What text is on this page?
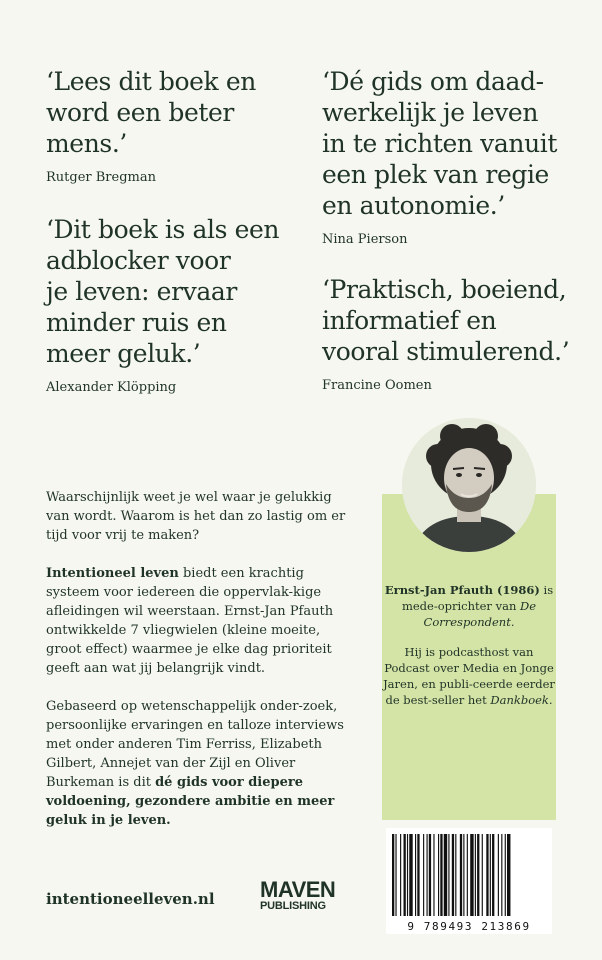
‘Lees dit boek en
word een beter
mens.’

Rutger Bregman

‘Dé gids om daad-
werkelijk je leven
in te richten vanuit
een plek van regie
en autonomie.’

Nina Pierson

‘Dit boek is als een
adblocker voor
je leven: ervaar
minder ruis en
meer geluk.’

Alexander Klöpping

‘Praktisch, boeiend,
informatief en
vooral stimulerend.’

Francine Oomen

Ernst-Jan Pfauth (1986) is mede-oprichter van De Correspondent.

Hij is podcasthost van Podcast over Media en Jonge Jaren, en publi-ceerde eerder de best-seller het Dankboek.

Waarschijnlijk weet je wel waar je gelukkig van wordt. Waarom is het dan zo lastig om er tijd voor vrij te maken?

Intentioneel leven biedt een krachtig systeem voor iedereen die oppervlak-kige afleidingen wil weerstaan. Ernst-Jan Pfauth ontwikkelde 7 vliegwielen (kleine moeite, groot effect) waarmee je elke dag prioriteit geeft aan wat jij belangrijk vindt.

Gebaseerd op wetenschappelijk onder-zoek, persoonlijke ervaringen en talloze interviews met onder anderen Tim Ferriss, Elizabeth Gilbert, Annejet van der Zijl en Oliver Burkeman is dit dé gids voor diepere voldoening, gezondere ambitie en meer geluk in je leven.

intentioneelleven.nl MAVEN
PUBLISHING
9 789493 213869
